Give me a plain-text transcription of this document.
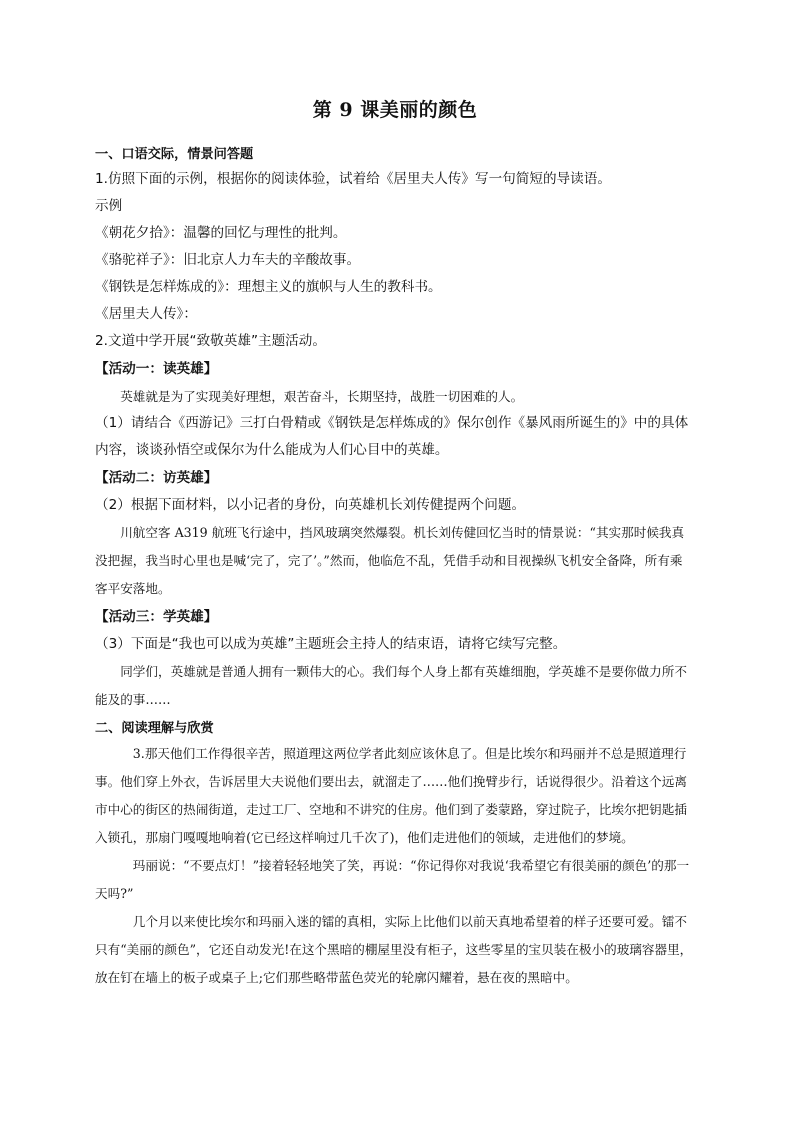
第 9 课美丽的颜色

一、口语交际，情景问答题

1.仿照下面的示例，根据你的阅读体验，试着给《居里夫人传》写一句简短的导读语。

示例

《朝花夕拾》：温馨的回忆与理性的批判。

《骆驼祥子》：旧北京人力车夫的辛酸故事。

《钢铁是怎样炼成的》：理想主义的旗帜与人生的教科书。

《居里夫人传》：

2.文道中学开展“致敬英雄”主题活动。

【活动一：读英雄】

英雄就是为了实现美好理想，艰苦奋斗，长期坚持，战胜一切困难的人。

（1）请结合《西游记》三打白骨精或《钢铁是怎样炼成的》保尔创作《暴风雨所诞生的》中的具体内容，谈谈孙悟空或保尔为什么能成为人们心目中的英雄。

【活动二：访英雄】

（2）根据下面材料，以小记者的身份，向英雄机长刘传健提两个问题。

川航空客 A319 航班飞行途中，挡风玻璃突然爆裂。机长刘传健回忆当时的情景说：“其实那时候我真没把握，我当时心里也是喊‘完了，完了’。”然而，他临危不乱，凭借手动和目视操纵飞机安全备降，所有乘客平安落地。

【活动三：学英雄】

（3）下面是“我也可以成为英雄”主题班会主持人的结束语，请将它续写完整。

同学们，英雄就是普通人拥有一颗伟大的心。我们每个人身上都有英雄细胞，学英雄不是要你做力所不能及的事……

二、阅读理解与欣赏

3.那天他们工作得很辛苦，照道理这两位学者此刻应该休息了。但是比埃尔和玛丽并不总是照道理行事。他们穿上外衣，告诉居里大夫说他们要出去，就溜走了……他们挽臂步行，话说得很少。沿着这个远离市中心的街区的热闹街道，走过工厂、空地和不讲究的住房。他们到了娄蒙路，穿过院子，比埃尔把钥匙插入锁孔，那扇门嘎嘎地响着(它已经这样响过几千次了)，他们走进他们的领域，走进他们的梦境。

玛丽说：“不要点灯！”接着轻轻地笑了笑，再说：“你记得你对我说‘我希望它有很美丽的颜色’的那一天吗?”

几个月以来使比埃尔和玛丽入迷的镭的真相，实际上比他们以前天真地希望着的样子还要可爱。镭不只有“美丽的颜色”，它还自动发光!在这个黑暗的棚屋里没有柜子，这些零星的宝贝装在极小的玻璃容器里，放在钉在墙上的板子或桌子上;它们那些略带蓝色荧光的轮廓闪耀着，悬在夜的黑暗中。
